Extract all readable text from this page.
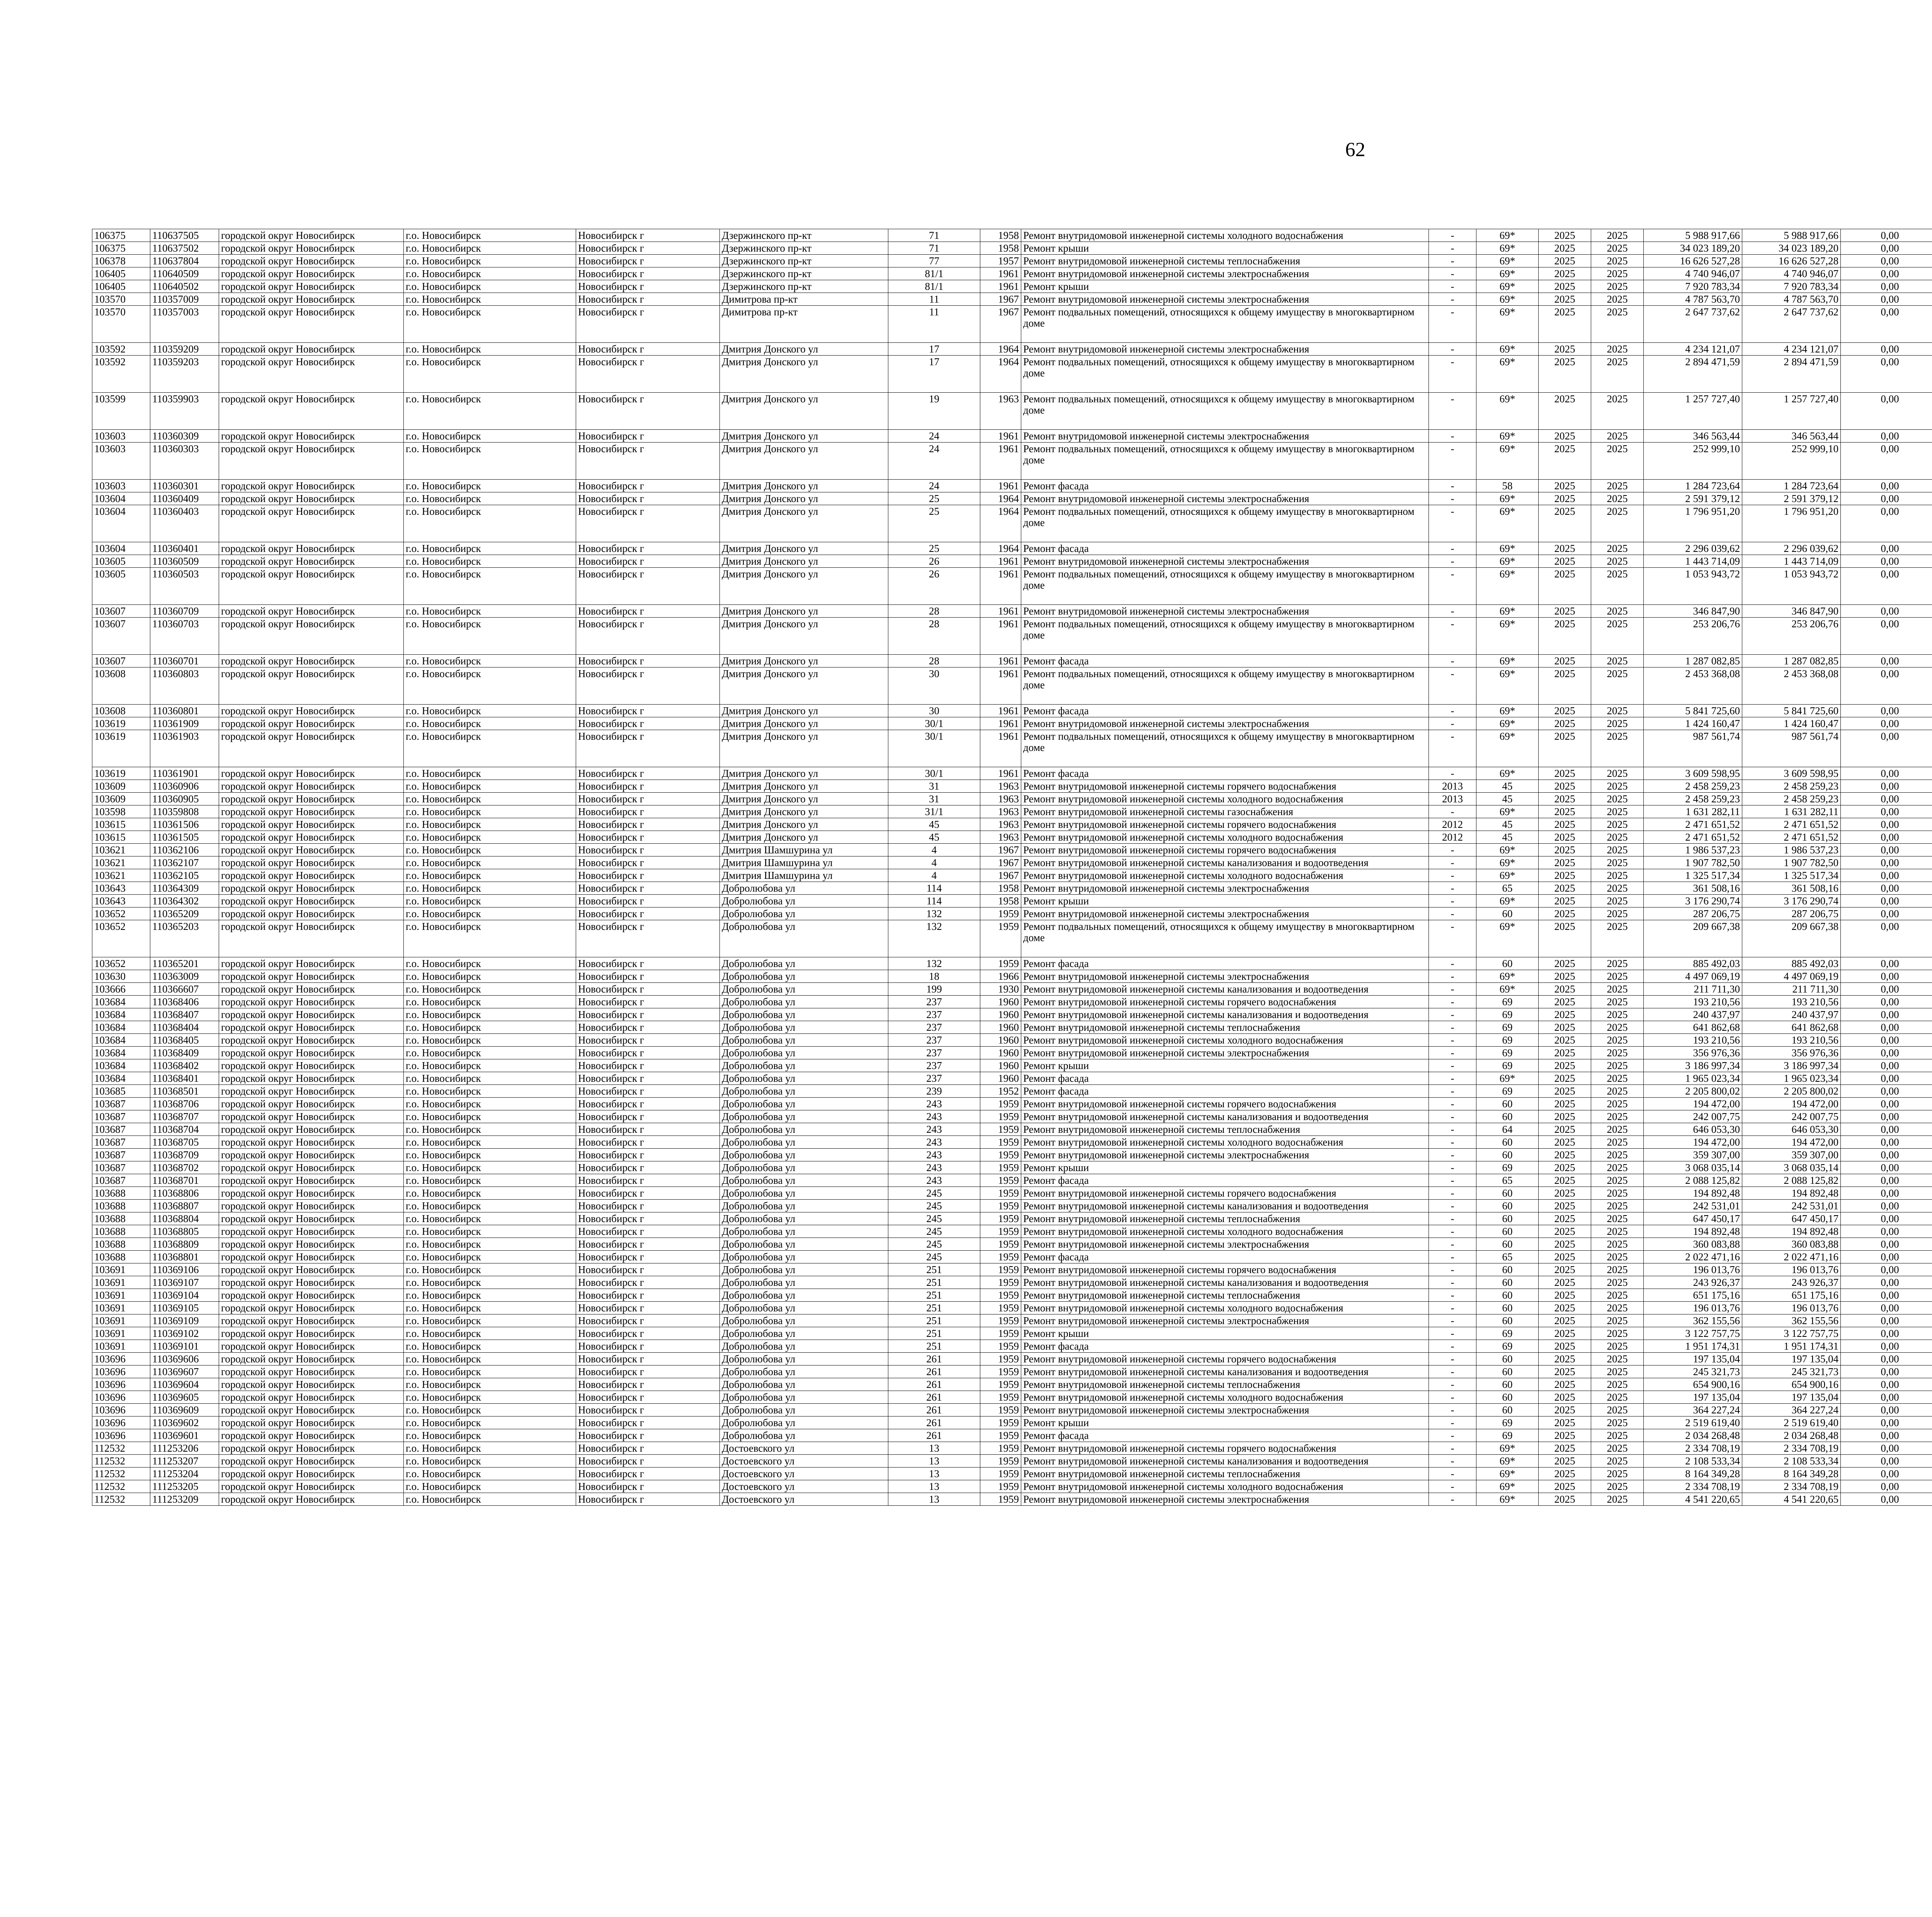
62
106375	110637505	городской округ Новосибирск	г.о. Новосибирск	Новосибирск г	Дзержинского пр-кт	71	1958	Ремонт внутридомовой инженерной системы холодного водоснабжения	-	69*	2025	2025	5 988 917,66	5 988 917,66	0,00					
106375	110637502	городской округ Новосибирск	г.о. Новосибирск	Новосибирск г	Дзержинского пр-кт	71	1958	Ремонт крыши	-	69*	2025	2025	34 023 189,20	34 023 189,20	0,00					
106378	110637804	городской округ Новосибирск	г.о. Новосибирск	Новосибирск г	Дзержинского пр-кт	77	1957	Ремонт внутридомовой инженерной системы теплоснабжения	-	69*	2025	2025	16 626 527,28	16 626 527,28	0,00					
106405	110640509	городской округ Новосибирск	г.о. Новосибирск	Новосибирск г	Дзержинского пр-кт	81/1	1961	Ремонт внутридомовой инженерной системы электроснабжения	-	69*	2025	2025	4 740 946,07	4 740 946,07	0,00					
106405	110640502	городской округ Новосибирск	г.о. Новосибирск	Новосибирск г	Дзержинского пр-кт	81/1	1961	Ремонт крыши	-	69*	2025	2025	7 920 783,34	7 920 783,34	0,00					
103570	110357009	городской округ Новосибирск	г.о. Новосибирск	Новосибирск г	Димитрова пр-кт	11	1967	Ремонт внутридомовой инженерной системы электроснабжения	-	69*	2025	2025	4 787 563,70	4 787 563,70	0,00					
103570	110357003	городской округ Новосибирск	г.о. Новосибирск	Новосибирск г	Димитрова пр-кт	11	1967	Ремонт подвальных помещений, относящихся к общему имуществу в многоквартирном доме	-	69*	2025	2025	2 647 737,62	2 647 737,62	0,00					
103592	110359209	городской округ Новосибирск	г.о. Новосибирск	Новосибирск г	Дмитрия Донского ул	17	1964	Ремонт внутридомовой инженерной системы электроснабжения	-	69*	2025	2025	4 234 121,07	4 234 121,07	0,00					
103592	110359203	городской округ Новосибирск	г.о. Новосибирск	Новосибирск г	Дмитрия Донского ул	17	1964	Ремонт подвальных помещений, относящихся к общему имуществу в многоквартирном доме	-	69*	2025	2025	2 894 471,59	2 894 471,59	0,00					
103599	110359903	городской округ Новосибирск	г.о. Новосибирск	Новосибирск г	Дмитрия Донского ул	19	1963	Ремонт подвальных помещений, относящихся к общему имуществу в многоквартирном доме	-	69*	2025	2025	1 257 727,40	1 257 727,40	0,00					
103603	110360309	городской округ Новосибирск	г.о. Новосибирск	Новосибирск г	Дмитрия Донского ул	24	1961	Ремонт внутридомовой инженерной системы электроснабжения	-	69*	2025	2025	346 563,44	346 563,44	0,00					
103603	110360303	городской округ Новосибирск	г.о. Новосибирск	Новосибирск г	Дмитрия Донского ул	24	1961	Ремонт подвальных помещений, относящихся к общему имуществу в многоквартирном доме	-	69*	2025	2025	252 999,10	252 999,10	0,00					
103603	110360301	городской округ Новосибирск	г.о. Новосибирск	Новосибирск г	Дмитрия Донского ул	24	1961	Ремонт фасада	-	58	2025	2025	1 284 723,64	1 284 723,64	0,00					
103604	110360409	городской округ Новосибирск	г.о. Новосибирск	Новосибирск г	Дмитрия Донского ул	25	1964	Ремонт внутридомовой инженерной системы электроснабжения	-	69*	2025	2025	2 591 379,12	2 591 379,12	0,00					
103604	110360403	городской округ Новосибирск	г.о. Новосибирск	Новосибирск г	Дмитрия Донского ул	25	1964	Ремонт подвальных помещений, относящихся к общему имуществу в многоквартирном доме	-	69*	2025	2025	1 796 951,20	1 796 951,20	0,00					
103604	110360401	городской округ Новосибирск	г.о. Новосибирск	Новосибирск г	Дмитрия Донского ул	25	1964	Ремонт фасада	-	69*	2025	2025	2 296 039,62	2 296 039,62	0,00					
103605	110360509	городской округ Новосибирск	г.о. Новосибирск	Новосибирск г	Дмитрия Донского ул	26	1961	Ремонт внутридомовой инженерной системы электроснабжения	-	69*	2025	2025	1 443 714,09	1 443 714,09	0,00					
103605	110360503	городской округ Новосибирск	г.о. Новосибирск	Новосибирск г	Дмитрия Донского ул	26	1961	Ремонт подвальных помещений, относящихся к общему имуществу в многоквартирном доме	-	69*	2025	2025	1 053 943,72	1 053 943,72	0,00					
103607	110360709	городской округ Новосибирск	г.о. Новосибирск	Новосибирск г	Дмитрия Донского ул	28	1961	Ремонт внутридомовой инженерной системы электроснабжения	-	69*	2025	2025	346 847,90	346 847,90	0,00					
103607	110360703	городской округ Новосибирск	г.о. Новосибирск	Новосибирск г	Дмитрия Донского ул	28	1961	Ремонт подвальных помещений, относящихся к общему имуществу в многоквартирном доме	-	69*	2025	2025	253 206,76	253 206,76	0,00					
103607	110360701	городской округ Новосибирск	г.о. Новосибирск	Новосибирск г	Дмитрия Донского ул	28	1961	Ремонт фасада	-	69*	2025	2025	1 287 082,85	1 287 082,85	0,00					
103608	110360803	городской округ Новосибирск	г.о. Новосибирск	Новосибирск г	Дмитрия Донского ул	30	1961	Ремонт подвальных помещений, относящихся к общему имуществу в многоквартирном доме	-	69*	2025	2025	2 453 368,08	2 453 368,08	0,00					
103608	110360801	городской округ Новосибирск	г.о. Новосибирск	Новосибирск г	Дмитрия Донского ул	30	1961	Ремонт фасада	-	69*	2025	2025	5 841 725,60	5 841 725,60	0,00					
103619	110361909	городской округ Новосибирск	г.о. Новосибирск	Новосибирск г	Дмитрия Донского ул	30/1	1961	Ремонт внутридомовой инженерной системы электроснабжения	-	69*	2025	2025	1 424 160,47	1 424 160,47	0,00					
103619	110361903	городской округ Новосибирск	г.о. Новосибирск	Новосибирск г	Дмитрия Донского ул	30/1	1961	Ремонт подвальных помещений, относящихся к общему имуществу в многоквартирном доме	-	69*	2025	2025	987 561,74	987 561,74	0,00					
103619	110361901	городской округ Новосибирск	г.о. Новосибирск	Новосибирск г	Дмитрия Донского ул	30/1	1961	Ремонт фасада	-	69*	2025	2025	3 609 598,95	3 609 598,95	0,00					
103609	110360906	городской округ Новосибирск	г.о. Новосибирск	Новосибирск г	Дмитрия Донского ул	31	1963	Ремонт внутридомовой инженерной системы горячего водоснабжения	2013	45	2025	2025	2 458 259,23	2 458 259,23	0,00					
103609	110360905	городской округ Новосибирск	г.о. Новосибирск	Новосибирск г	Дмитрия Донского ул	31	1963	Ремонт внутридомовой инженерной системы холодного водоснабжения	2013	45	2025	2025	2 458 259,23	2 458 259,23	0,00					
103598	110359808	городской округ Новосибирск	г.о. Новосибирск	Новосибирск г	Дмитрия Донского ул	31/1	1963	Ремонт внутридомовой инженерной системы газоснабжения	-	69*	2025	2025	1 631 282,11	1 631 282,11	0,00					
103615	110361506	городской округ Новосибирск	г.о. Новосибирск	Новосибирск г	Дмитрия Донского ул	45	1963	Ремонт внутридомовой инженерной системы горячего водоснабжения	2012	45	2025	2025	2 471 651,52	2 471 651,52	0,00					
103615	110361505	городской округ Новосибирск	г.о. Новосибирск	Новосибирск г	Дмитрия Донского ул	45	1963	Ремонт внутридомовой инженерной системы холодного водоснабжения	2012	45	2025	2025	2 471 651,52	2 471 651,52	0,00					
103621	110362106	городской округ Новосибирск	г.о. Новосибирск	Новосибирск г	Дмитрия Шамшурина ул	4	1967	Ремонт внутридомовой инженерной системы горячего водоснабжения	-	69*	2025	2025	1 986 537,23	1 986 537,23	0,00					
103621	110362107	городской округ Новосибирск	г.о. Новосибирск	Новосибирск г	Дмитрия Шамшурина ул	4	1967	Ремонт внутридомовой инженерной системы канализования и водоотведения	-	69*	2025	2025	1 907 782,50	1 907 782,50	0,00					
103621	110362105	городской округ Новосибирск	г.о. Новосибирск	Новосибирск г	Дмитрия Шамшурина ул	4	1967	Ремонт внутридомовой инженерной системы холодного водоснабжения	-	69*	2025	2025	1 325 517,34	1 325 517,34	0,00					
103643	110364309	городской округ Новосибирск	г.о. Новосибирск	Новосибирск г	Добролюбова ул	114	1958	Ремонт внутридомовой инженерной системы электроснабжения	-	65	2025	2025	361 508,16	361 508,16	0,00					
103643	110364302	городской округ Новосибирск	г.о. Новосибирск	Новосибирск г	Добролюбова ул	114	1958	Ремонт крыши	-	69*	2025	2025	3 176 290,74	3 176 290,74	0,00					
103652	110365209	городской округ Новосибирск	г.о. Новосибирск	Новосибирск г	Добролюбова ул	132	1959	Ремонт внутридомовой инженерной системы электроснабжения	-	60	2025	2025	287 206,75	287 206,75	0,00					
103652	110365203	городской округ Новосибирск	г.о. Новосибирск	Новосибирск г	Добролюбова ул	132	1959	Ремонт подвальных помещений, относящихся к общему имуществу в многоквартирном доме	-	69*	2025	2025	209 667,38	209 667,38	0,00					
103652	110365201	городской округ Новосибирск	г.о. Новосибирск	Новосибирск г	Добролюбова ул	132	1959	Ремонт фасада	-	60	2025	2025	885 492,03	885 492,03	0,00					
103630	110363009	городской округ Новосибирск	г.о. Новосибирск	Новосибирск г	Добролюбова ул	18	1966	Ремонт внутридомовой инженерной системы электроснабжения	-	69*	2025	2025	4 497 069,19	4 497 069,19	0,00					
103666	110366607	городской округ Новосибирск	г.о. Новосибирск	Новосибирск г	Добролюбова ул	199	1930	Ремонт внутридомовой инженерной системы канализования и водоотведения	-	69*	2025	2025	211 711,30	211 711,30	0,00					
103684	110368406	городской округ Новосибирск	г.о. Новосибирск	Новосибирск г	Добролюбова ул	237	1960	Ремонт внутридомовой инженерной системы горячего водоснабжения	-	69	2025	2025	193 210,56	193 210,56	0,00					
103684	110368407	городской округ Новосибирск	г.о. Новосибирск	Новосибирск г	Добролюбова ул	237	1960	Ремонт внутридомовой инженерной системы канализования и водоотведения	-	69	2025	2025	240 437,97	240 437,97	0,00					
103684	110368404	городской округ Новосибирск	г.о. Новосибирск	Новосибирск г	Добролюбова ул	237	1960	Ремонт внутридомовой инженерной системы теплоснабжения	-	69	2025	2025	641 862,68	641 862,68	0,00					
103684	110368405	городской округ Новосибирск	г.о. Новосибирск	Новосибирск г	Добролюбова ул	237	1960	Ремонт внутридомовой инженерной системы холодного водоснабжения	-	69	2025	2025	193 210,56	193 210,56	0,00					
103684	110368409	городской округ Новосибирск	г.о. Новосибирск	Новосибирск г	Добролюбова ул	237	1960	Ремонт внутридомовой инженерной системы электроснабжения	-	69	2025	2025	356 976,36	356 976,36	0,00					
103684	110368402	городской округ Новосибирск	г.о. Новосибирск	Новосибирск г	Добролюбова ул	237	1960	Ремонт крыши	-	69	2025	2025	3 186 997,34	3 186 997,34	0,00					
103684	110368401	городской округ Новосибирск	г.о. Новосибирск	Новосибирск г	Добролюбова ул	237	1960	Ремонт фасада	-	69*	2025	2025	1 965 023,34	1 965 023,34	0,00					
103685	110368501	городской округ Новосибирск	г.о. Новосибирск	Новосибирск г	Добролюбова ул	239	1952	Ремонт фасада	-	69	2025	2025	2 205 800,02	2 205 800,02	0,00					
103687	110368706	городской округ Новосибирск	г.о. Новосибирск	Новосибирск г	Добролюбова ул	243	1959	Ремонт внутридомовой инженерной системы горячего водоснабжения	-	60	2025	2025	194 472,00	194 472,00	0,00					
103687	110368707	городской округ Новосибирск	г.о. Новосибирск	Новосибирск г	Добролюбова ул	243	1959	Ремонт внутридомовой инженерной системы канализования и водоотведения	-	60	2025	2025	242 007,75	242 007,75	0,00					
103687	110368704	городской округ Новосибирск	г.о. Новосибирск	Новосибирск г	Добролюбова ул	243	1959	Ремонт внутридомовой инженерной системы теплоснабжения	-	64	2025	2025	646 053,30	646 053,30	0,00					
103687	110368705	городской округ Новосибирск	г.о. Новосибирск	Новосибирск г	Добролюбова ул	243	1959	Ремонт внутридомовой инженерной системы холодного водоснабжения	-	60	2025	2025	194 472,00	194 472,00	0,00					
103687	110368709	городской округ Новосибирск	г.о. Новосибирск	Новосибирск г	Добролюбова ул	243	1959	Ремонт внутридомовой инженерной системы электроснабжения	-	60	2025	2025	359 307,00	359 307,00	0,00					
103687	110368702	городской округ Новосибирск	г.о. Новосибирск	Новосибирск г	Добролюбова ул	243	1959	Ремонт крыши	-	69	2025	2025	3 068 035,14	3 068 035,14	0,00					
103687	110368701	городской округ Новосибирск	г.о. Новосибирск	Новосибирск г	Добролюбова ул	243	1959	Ремонт фасада	-	65	2025	2025	2 088 125,82	2 088 125,82	0,00					
103688	110368806	городской округ Новосибирск	г.о. Новосибирск	Новосибирск г	Добролюбова ул	245	1959	Ремонт внутридомовой инженерной системы горячего водоснабжения	-	60	2025	2025	194 892,48	194 892,48	0,00					
103688	110368807	городской округ Новосибирск	г.о. Новосибирск	Новосибирск г	Добролюбова ул	245	1959	Ремонт внутридомовой инженерной системы канализования и водоотведения	-	60	2025	2025	242 531,01	242 531,01	0,00					
103688	110368804	городской округ Новосибирск	г.о. Новосибирск	Новосибирск г	Добролюбова ул	245	1959	Ремонт внутридомовой инженерной системы теплоснабжения	-	60	2025	2025	647 450,17	647 450,17	0,00					
103688	110368805	городской округ Новосибирск	г.о. Новосибирск	Новосибирск г	Добролюбова ул	245	1959	Ремонт внутридомовой инженерной системы холодного водоснабжения	-	60	2025	2025	194 892,48	194 892,48	0,00					
103688	110368809	городской округ Новосибирск	г.о. Новосибирск	Новосибирск г	Добролюбова ул	245	1959	Ремонт внутридомовой инженерной системы электроснабжения	-	60	2025	2025	360 083,88	360 083,88	0,00					
103688	110368801	городской округ Новосибирск	г.о. Новосибирск	Новосибирск г	Добролюбова ул	245	1959	Ремонт фасада	-	65	2025	2025	2 022 471,16	2 022 471,16	0,00					
103691	110369106	городской округ Новосибирск	г.о. Новосибирск	Новосибирск г	Добролюбова ул	251	1959	Ремонт внутридомовой инженерной системы горячего водоснабжения	-	60	2025	2025	196 013,76	196 013,76	0,00					
103691	110369107	городской округ Новосибирск	г.о. Новосибирск	Новосибирск г	Добролюбова ул	251	1959	Ремонт внутридомовой инженерной системы канализования и водоотведения	-	60	2025	2025	243 926,37	243 926,37	0,00					
103691	110369104	городской округ Новосибирск	г.о. Новосибирск	Новосибирск г	Добролюбова ул	251	1959	Ремонт внутридомовой инженерной системы теплоснабжения	-	60	2025	2025	651 175,16	651 175,16	0,00					
103691	110369105	городской округ Новосибирск	г.о. Новосибирск	Новосибирск г	Добролюбова ул	251	1959	Ремонт внутридомовой инженерной системы холодного водоснабжения	-	60	2025	2025	196 013,76	196 013,76	0,00					
103691	110369109	городской округ Новосибирск	г.о. Новосибирск	Новосибирск г	Добролюбова ул	251	1959	Ремонт внутридомовой инженерной системы электроснабжения	-	60	2025	2025	362 155,56	362 155,56	0,00					
103691	110369102	городской округ Новосибирск	г.о. Новосибирск	Новосибирск г	Добролюбова ул	251	1959	Ремонт крыши	-	69	2025	2025	3 122 757,75	3 122 757,75	0,00					
103691	110369101	городской округ Новосибирск	г.о. Новосибирск	Новосибирск г	Добролюбова ул	251	1959	Ремонт фасада	-	69	2025	2025	1 951 174,31	1 951 174,31	0,00					
103696	110369606	городской округ Новосибирск	г.о. Новосибирск	Новосибирск г	Добролюбова ул	261	1959	Ремонт внутридомовой инженерной системы горячего водоснабжения	-	60	2025	2025	197 135,04	197 135,04	0,00					
103696	110369607	городской округ Новосибирск	г.о. Новосибирск	Новосибирск г	Добролюбова ул	261	1959	Ремонт внутридомовой инженерной системы канализования и водоотведения	-	60	2025	2025	245 321,73	245 321,73	0,00					
103696	110369604	городской округ Новосибирск	г.о. Новосибирск	Новосибирск г	Добролюбова ул	261	1959	Ремонт внутридомовой инженерной системы теплоснабжения	-	60	2025	2025	654 900,16	654 900,16	0,00					
103696	110369605	городской округ Новосибирск	г.о. Новосибирск	Новосибирск г	Добролюбова ул	261	1959	Ремонт внутридомовой инженерной системы холодного водоснабжения	-	60	2025	2025	197 135,04	197 135,04	0,00					
103696	110369609	городской округ Новосибирск	г.о. Новосибирск	Новосибирск г	Добролюбова ул	261	1959	Ремонт внутридомовой инженерной системы электроснабжения	-	60	2025	2025	364 227,24	364 227,24	0,00					
103696	110369602	городской округ Новосибирск	г.о. Новосибирск	Новосибирск г	Добролюбова ул	261	1959	Ремонт крыши	-	69	2025	2025	2 519 619,40	2 519 619,40	0,00					
103696	110369601	городской округ Новосибирск	г.о. Новосибирск	Новосибирск г	Добролюбова ул	261	1959	Ремонт фасада	-	69	2025	2025	2 034 268,48	2 034 268,48	0,00					
112532	111253206	городской округ Новосибирск	г.о. Новосибирск	Новосибирск г	Достоевского ул	13	1959	Ремонт внутридомовой инженерной системы горячего водоснабжения	-	69*	2025	2025	2 334 708,19	2 334 708,19	0,00					
112532	111253207	городской округ Новосибирск	г.о. Новосибирск	Новосибирск г	Достоевского ул	13	1959	Ремонт внутридомовой инженерной системы канализования и водоотведения	-	69*	2025	2025	2 108 533,34	2 108 533,34	0,00					
112532	111253204	городской округ Новосибирск	г.о. Новосибирск	Новосибирск г	Достоевского ул	13	1959	Ремонт внутридомовой инженерной системы теплоснабжения	-	69*	2025	2025	8 164 349,28	8 164 349,28	0,00					
112532	111253205	городской округ Новосибирск	г.о. Новосибирск	Новосибирск г	Достоевского ул	13	1959	Ремонт внутридомовой инженерной системы холодного водоснабжения	-	69*	2025	2025	2 334 708,19	2 334 708,19	0,00					
112532	111253209	городской округ Новосибирск	г.о. Новосибирск	Новосибирск г	Достоевского ул	13	1959	Ремонт внутридомовой инженерной системы электроснабжения	-	69*	2025	2025	4 541 220,65	4 541 220,65	0,00					
